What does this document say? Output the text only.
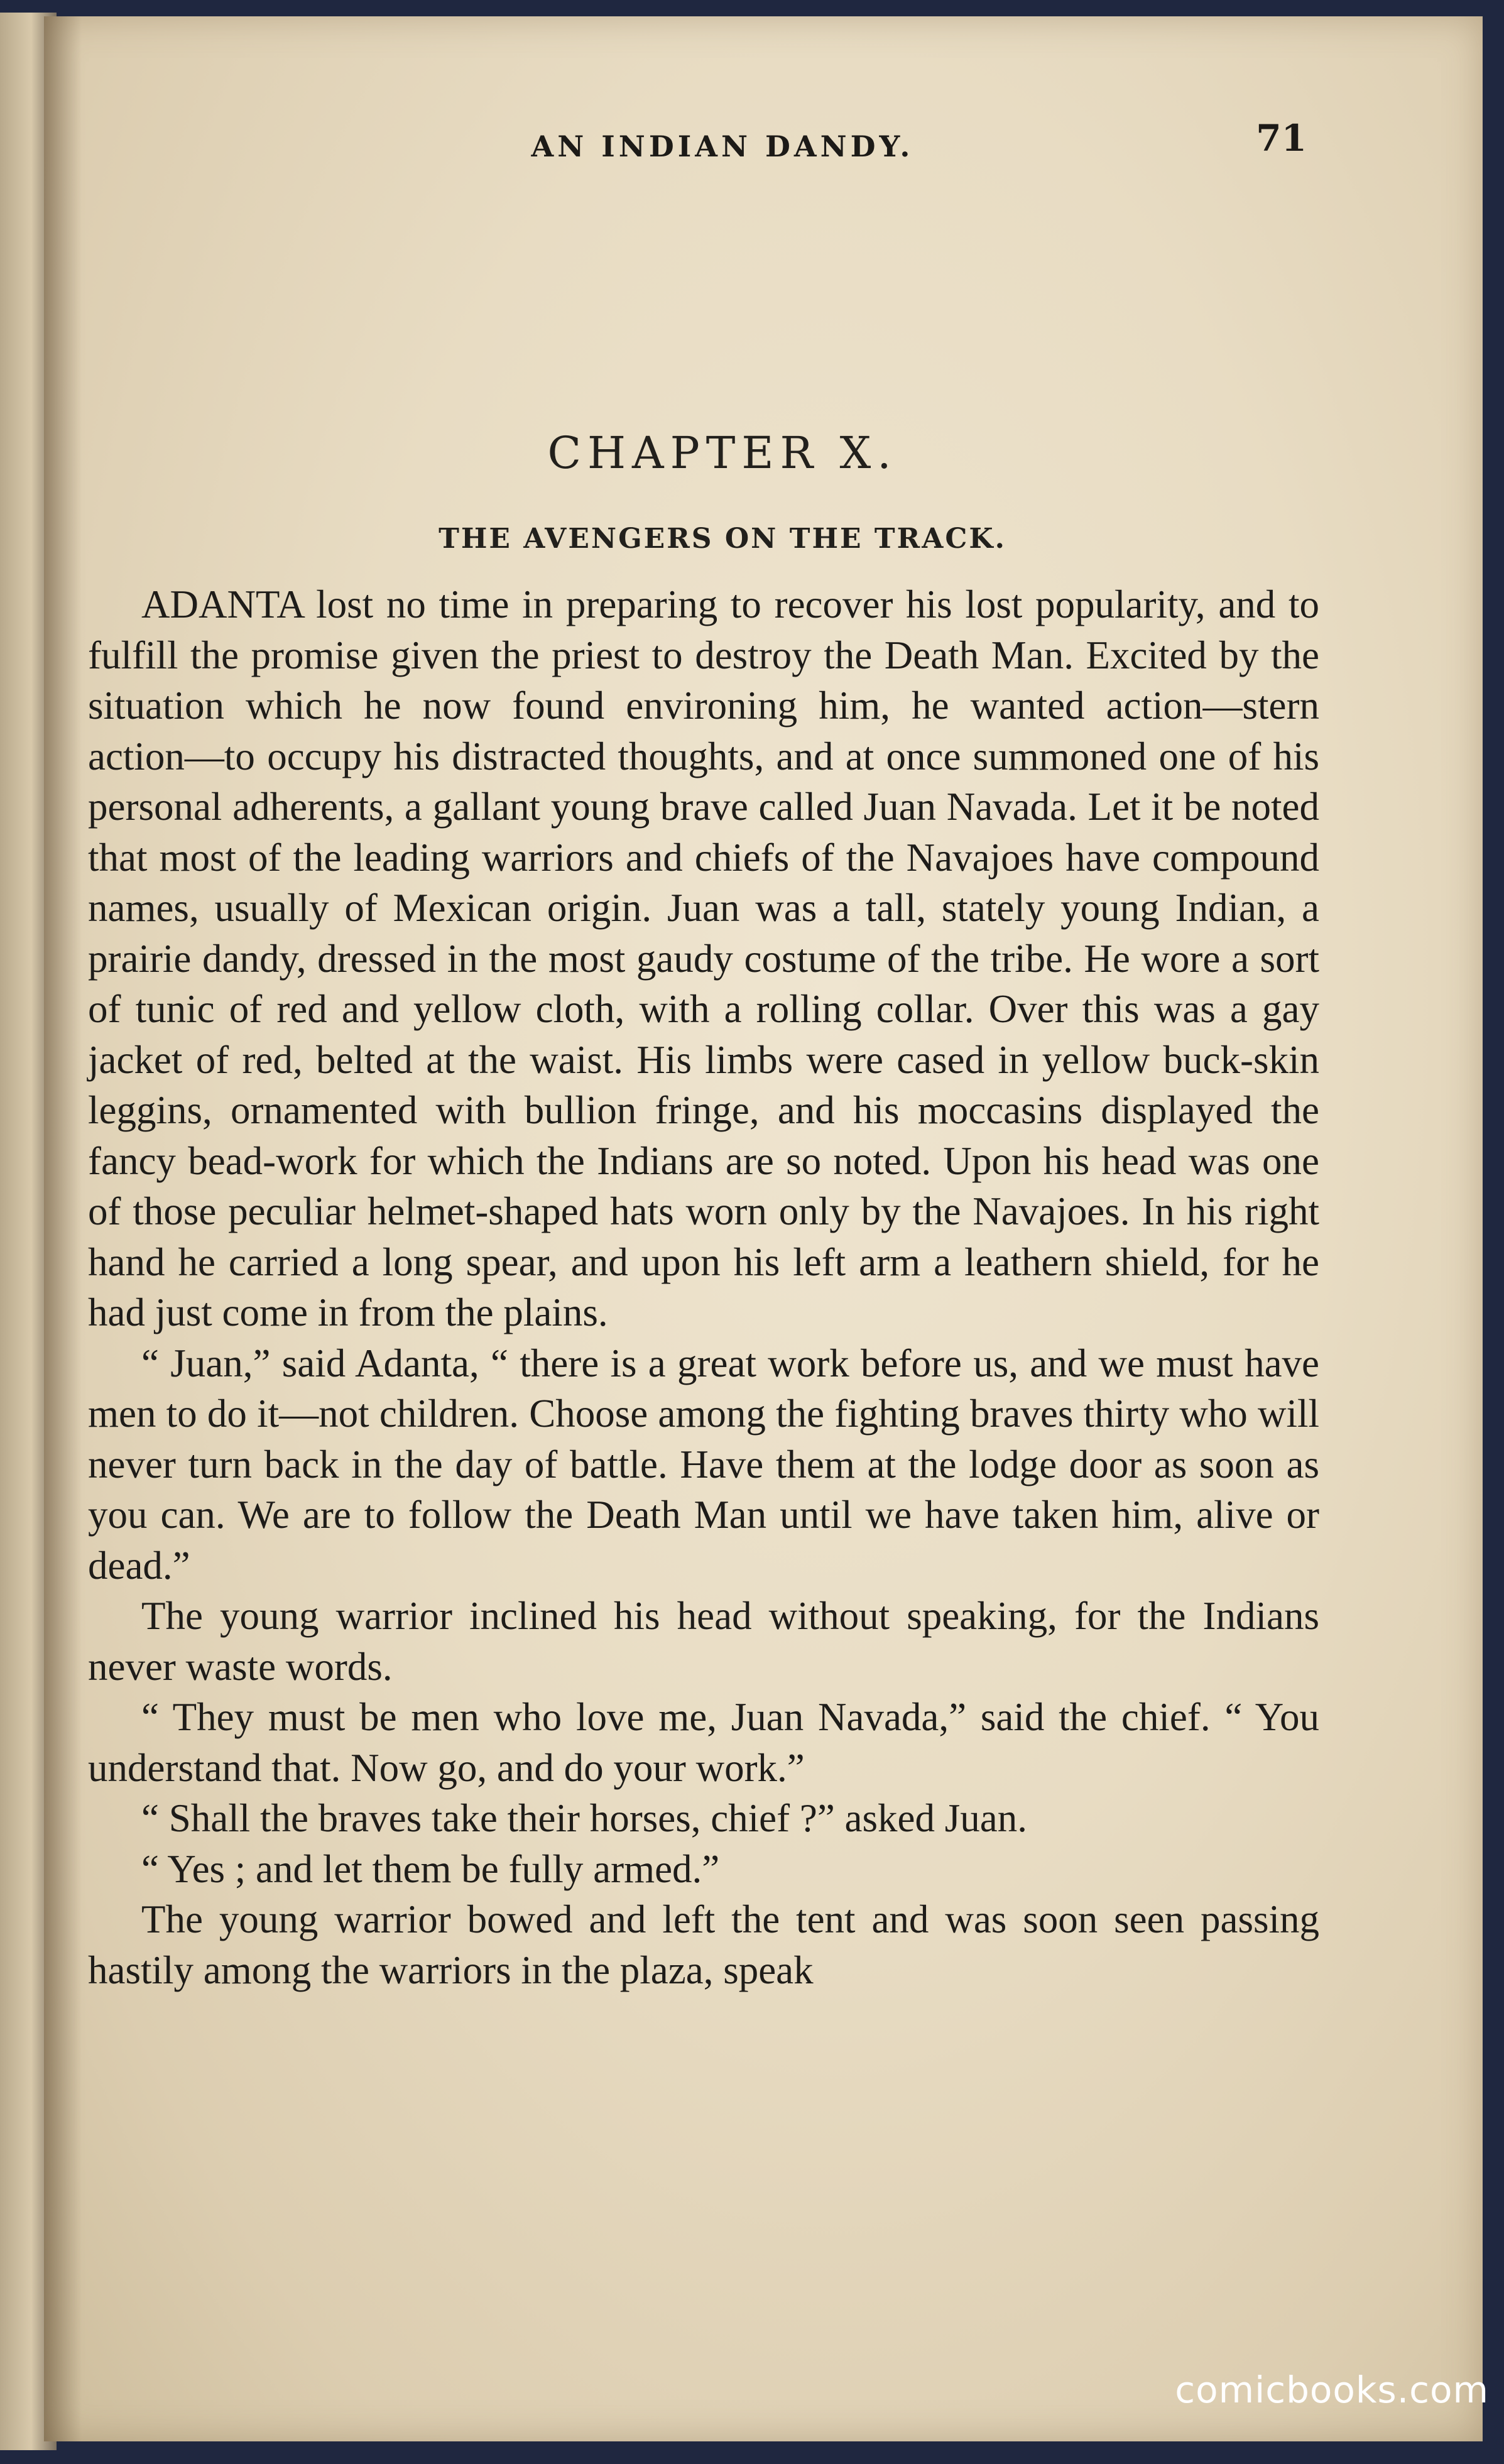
AN INDIAN DANDY.	71
CHAPTER X.
THE AVENGERS ON THE TRACK.

ADANTA lost no time in preparing to recover his lost popularity, and to fulfill the promise given the priest to destroy the Death Man. Excited by the situation which he now found environing him, he wanted action—stern action—to occupy his distracted thoughts, and at once summoned one of his personal adherents, a gallant young brave called Juan Navada. Let it be noted that most of the leading warriors and chiefs of the Navajoes have compound names, usually of Mexican origin. Juan was a tall, stately young Indian, a prairie dandy, dressed in the most gaudy costume of the tribe. He wore a sort of tunic of red and yellow cloth, with a rolling collar. Over this was a gay jacket of red, belted at the waist. His limbs were cased in yellow buck-skin leggins, ornamented with bullion fringe, and his moccasins displayed the fancy bead-work for which the Indians are so noted. Upon his head was one of those peculiar helmet-shaped hats worn only by the Navajoes. In his right hand he carried a long spear, and upon his left arm a leathern shield, for he had just come in from the plains.

“ Juan,” said Adanta, “ there is a great work before us, and we must have men to do it—not children. Choose among the fighting braves thirty who will never turn back in the day of battle. Have them at the lodge door as soon as you can. We are to follow the Death Man until we have taken him, alive or dead.”

The young warrior inclined his head without speaking, for the Indians never waste words.

“ They must be men who love me, Juan Navada,” said the chief. “ You understand that. Now go, and do your work.”

“ Shall the braves take their horses, chief ?” asked Juan.

“ Yes ; and let them be fully armed.”

The young warrior bowed and left the tent and was soon seen passing hastily among the warriors in the plaza, speak

comicbooks.com
